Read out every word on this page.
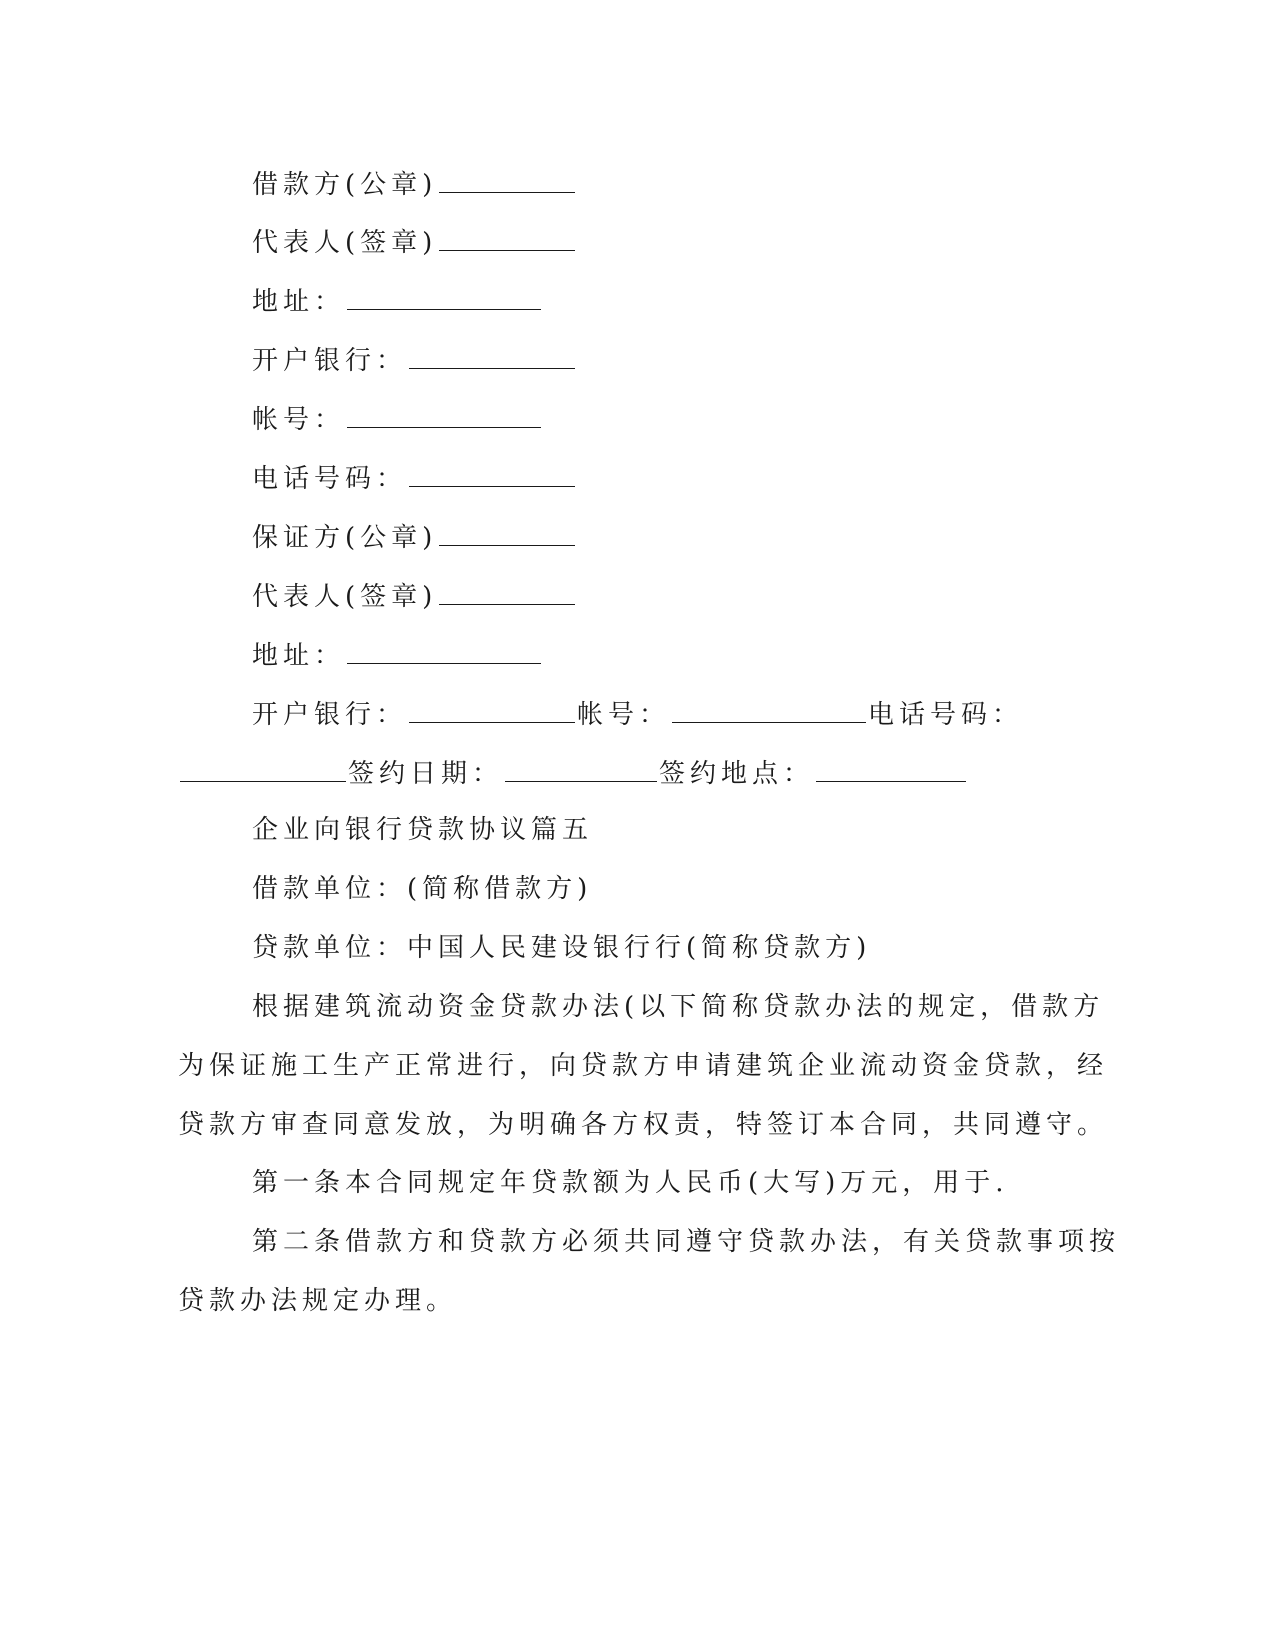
借款方(公章)
代表人(签章)
地址：
开户银行：
帐号：
电话号码：
保证方(公章)
代表人(签章)
地址：
开户银行：	帐号：	电话号码：
签约日期：	签约地点：
企业向银行贷款协议篇五
借款单位：(简称借款方)
贷款单位：中国人民建设银行行(简称贷款方)
根据建筑流动资金贷款办法(以下简称贷款办法的规定，借款方
为保证施工生产正常进行，向贷款方申请建筑企业流动资金贷款，经
贷款方审查同意发放，为明确各方权责，特签订本合同，共同遵守。
第一条本合同规定年贷款额为人民币(大写)万元，用于.
第二条借款方和贷款方必须共同遵守贷款办法，有关贷款事项按
贷款办法规定办理。
